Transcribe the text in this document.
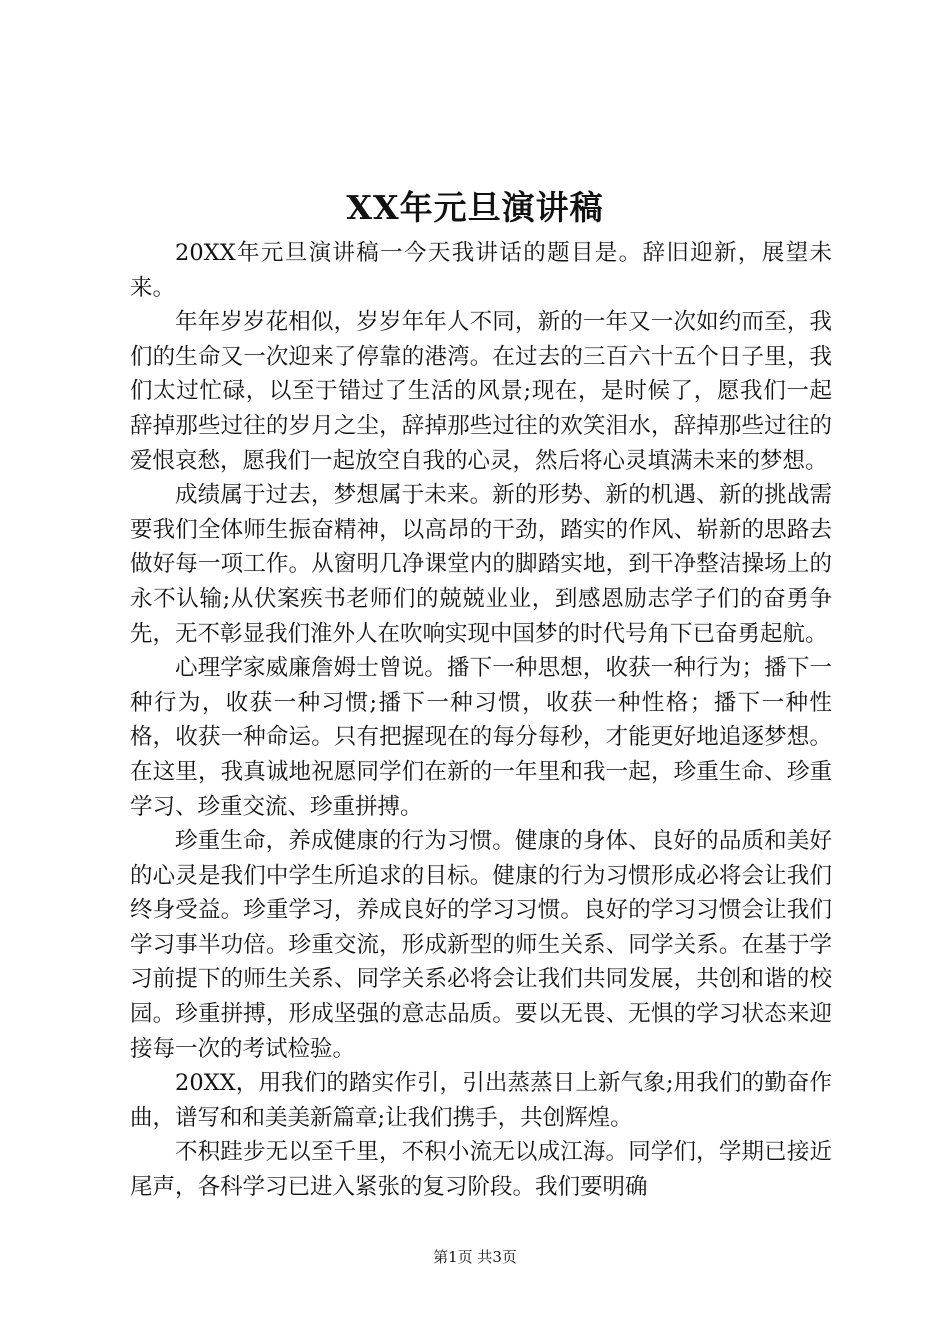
XX年元旦演讲稿

20XX年元旦演讲稿一今天我讲话的题目是。辞旧迎新，展望未来。

年年岁岁花相似，岁岁年年人不同，新的一年又一次如约而至，我们的生命又一次迎来了停靠的港湾。在过去的三百六十五个日子里，我们太过忙碌，以至于错过了生活的风景;现在，是时候了，愿我们一起辞掉那些过往的岁月之尘，辞掉那些过往的欢笑泪水，辞掉那些过往的爱恨哀愁，愿我们一起放空自我的心灵，然后将心灵填满未来的梦想。

成绩属于过去，梦想属于未来。新的形势、新的机遇、新的挑战需要我们全体师生振奋精神，以高昂的干劲，踏实的作风、崭新的思路去做好每一项工作。从窗明几净课堂内的脚踏实地，到干净整洁操场上的永不认输;从伏案疾书老师们的兢兢业业，到感恩励志学子们的奋勇争先，无不彰显我们淮外人在吹响实现中国梦的时代号角下已奋勇起航。

心理学家威廉詹姆士曾说。播下一种思想，收获一种行为；播下一种行为，收获一种习惯;播下一种习惯，收获一种性格；播下一种性格，收获一种命运。只有把握现在的每分每秒，才能更好地追逐梦想。在这里，我真诚地祝愿同学们在新的一年里和我一起，珍重生命、珍重学习、珍重交流、珍重拼搏。

珍重生命，养成健康的行为习惯。健康的身体、良好的品质和美好的心灵是我们中学生所追求的目标。健康的行为习惯形成必将会让我们终身受益。珍重学习，养成良好的学习习惯。良好的学习习惯会让我们学习事半功倍。珍重交流，形成新型的师生关系、同学关系。在基于学习前提下的师生关系、同学关系必将会让我们共同发展，共创和谐的校园。珍重拼搏，形成坚强的意志品质。要以无畏、无惧的学习状态来迎接每一次的考试检验。

20XX，用我们的踏实作引，引出蒸蒸日上新气象;用我们的勤奋作曲，谱写和和美美新篇章;让我们携手，共创辉煌。

不积跬步无以至千里，不积小流无以成江海。同学们，学期已接近尾声，各科学习已进入紧张的复习阶段。我们要明确

第1页 共3页
